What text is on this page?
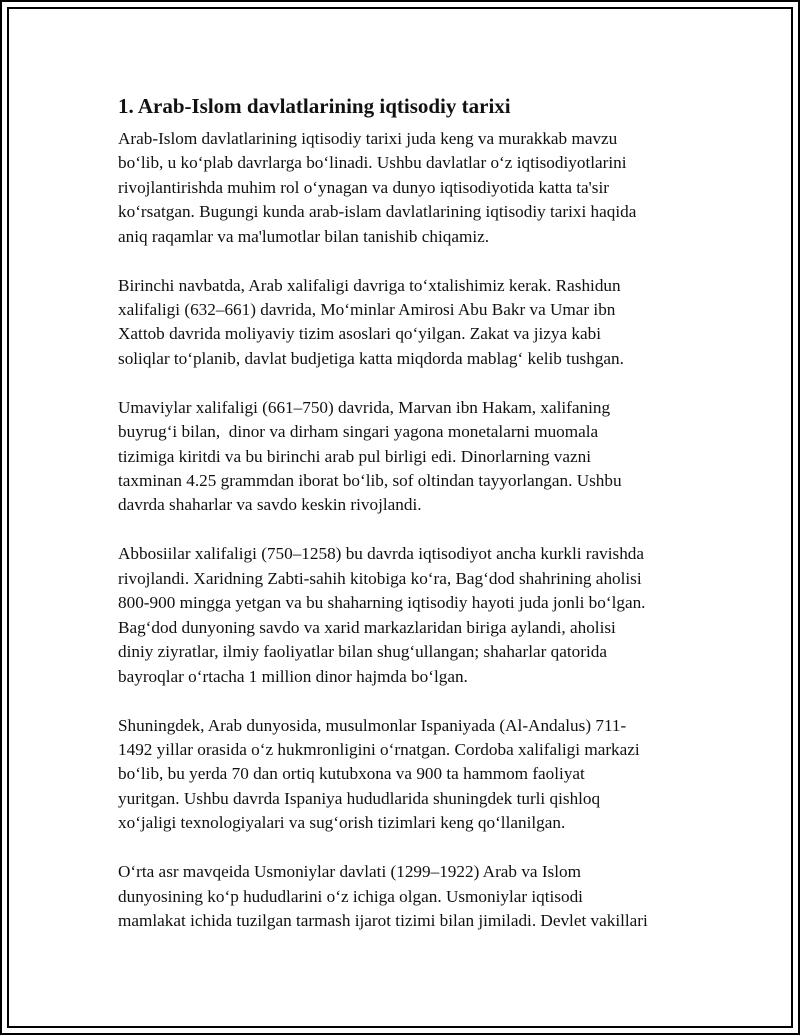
1. Arab-Islom davlatlarining iqtisodiy tarixi

Arab-Islom davlatlarining iqtisodiy tarixi juda keng va murakkab mavzu
bo‘lib, u ko‘plab davrlarga bo‘linadi. Ushbu davlatlar o‘z iqtisodiyotlarini
rivojlantirishda muhim rol o‘ynagan va dunyo iqtisodiyotida katta ta'sir
ko‘rsatgan. Bugungi kunda arab-islam davlatlarining iqtisodiy tarixi haqida
aniq raqamlar va ma'lumotlar bilan tanishib chiqamiz.

Birinchi navbatda, Arab xalifaligi davriga to‘xtalishimiz kerak. Rashidun
xalifaligi (632–661) davrida, Mo‘minlar Amirosi Abu Bakr va Umar ibn
Xattob davrida moliyaviy tizim asoslari qo‘yilgan. Zakat va jizya kabi
soliqlar to‘planib, davlat budjetiga katta miqdorda mablag‘ kelib tushgan.

Umaviylar xalifaligi (661–750) davrida, Marvan ibn Hakam, xalifaning
buyrug‘i bilan,  dinor va dirham singari yagona monetalarni muomala
tizimiga kiritdi va bu birinchi arab pul birligi edi. Dinorlarning vazni
taxminan 4.25 grammdan iborat bo‘lib, sof oltindan tayyorlangan. Ushbu
davrda shaharlar va savdo keskin rivojlandi.

Abbosiilar xalifaligi (750–1258) bu davrda iqtisodiyot ancha kurkli ravishda
rivojlandi. Xaridning Zabti-sahih kitobiga ko‘ra, Bag‘dod shahrining aholisi
800-900 mingga yetgan va bu shaharning iqtisodiy hayoti juda jonli bo‘lgan.
Bag‘dod dunyoning savdo va xarid markazlaridan biriga aylandi, aholisi
diniy ziyratlar, ilmiy faoliyatlar bilan shug‘ullangan; shaharlar qatorida
bayroqlar o‘rtacha 1 million dinor hajmda bo‘lgan.

Shuningdek, Arab dunyosida, musulmonlar Ispaniyada (Al-Andalus) 711-
1492 yillar orasida o‘z hukmronligini o‘rnatgan. Cordoba xalifaligi markazi
bo‘lib, bu yerda 70 dan ortiq kutubxona va 900 ta hammom faoliyat
yuritgan. Ushbu davrda Ispaniya hududlarida shuningdek turli qishloq
xo‘jaligi texnologiyalari va sug‘orish tizimlari keng qo‘llanilgan.

O‘rta asr mavqeida Usmoniylar davlati (1299–1922) Arab va Islom
dunyosining ko‘p hududlarini o‘z ichiga olgan. Usmoniylar iqtisodi
mamlakat ichida tuzilgan tarmash ijarot tizimi bilan jimiladi. Devlet vakillari
